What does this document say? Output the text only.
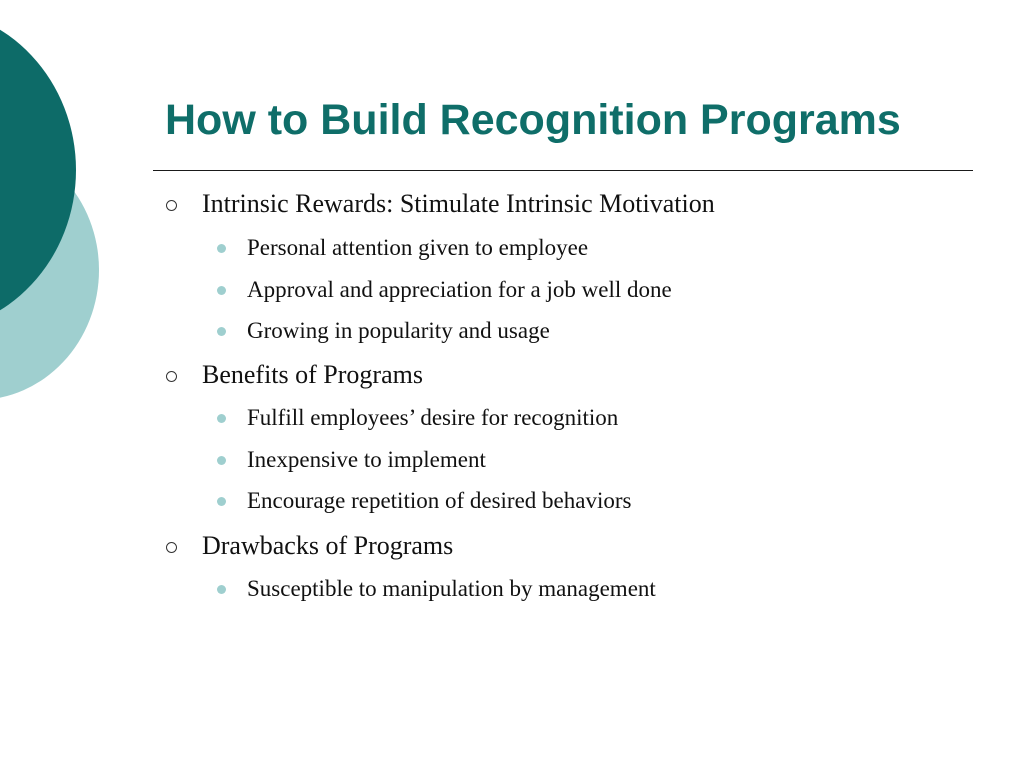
How to Build Recognition Programs
Intrinsic Rewards: Stimulate Intrinsic Motivation
Personal attention given to employee
Approval and appreciation for a job well done
Growing in popularity and usage
Benefits of Programs
Fulfill employees’ desire for recognition
Inexpensive to implement
Encourage repetition of desired behaviors
Drawbacks of Programs
Susceptible to manipulation by management
